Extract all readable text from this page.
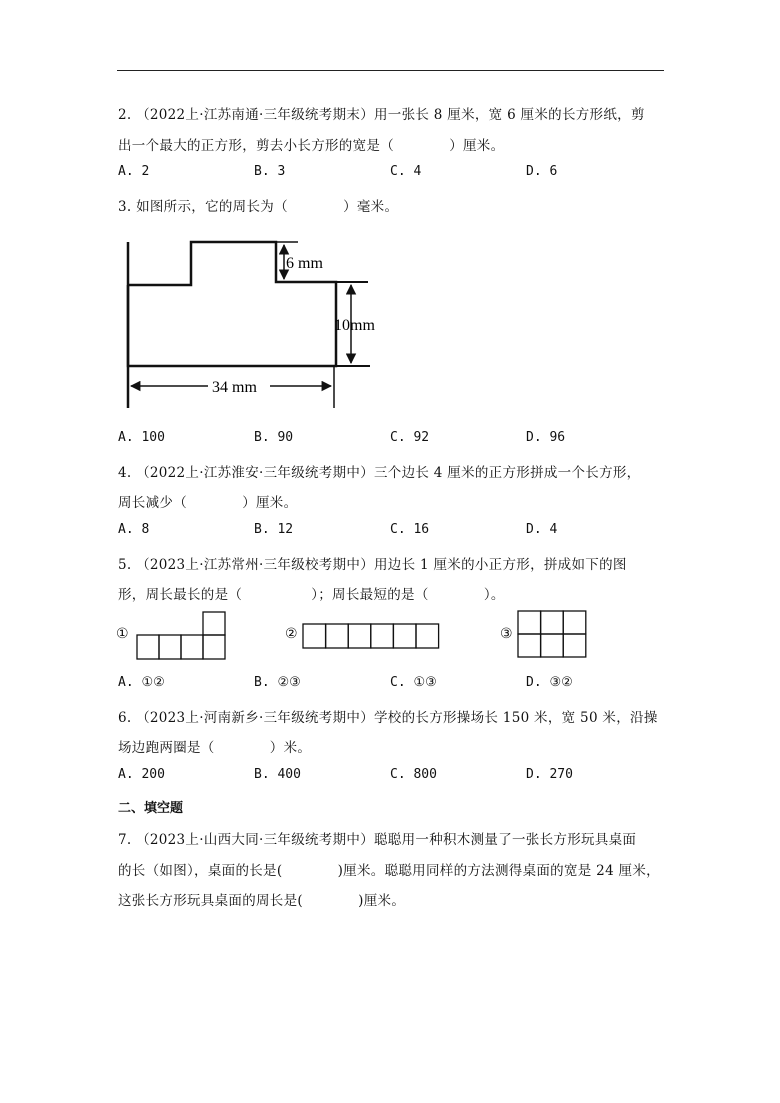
2. （2022上·江苏南通·三年级统考期末）用一张长 8 厘米，宽 6 厘米的长方形纸，剪
出一个最大的正方形，剪去小长方形的宽是（　　　　）厘米。
A. 2	B. 3	C. 4	D. 6
3. 如图所示，它的周长为（　　　　）毫米。
6 mm
10mm
34 mm
A. 100	B. 90	C. 92	D. 96
4. （2022上·江苏淮安·三年级统考期中）三个边长 4 厘米的正方形拼成一个长方形，
周长减少（　　　　）厘米。
A. 8	B. 12	C. 16	D. 4
5. （2023上·江苏常州·三年级校考期中）用边长 1 厘米的小正方形，拼成如下的图
形，周长最长的是（　　　　　）；周长最短的是（　　　　）。
①	②	③
A. ①②	B. ②③	C. ①③	D. ③②
6. （2023上·河南新乡·三年级统考期中）学校的长方形操场长 150 米，宽 50 米，沿操
场边跑两圈是（　　　　）米。
A. 200	B. 400	C. 800	D. 270
二、填空题
7. （2023上·山西大同·三年级统考期中）聪聪用一种积木测量了一张长方形玩具桌面
的长（如图），桌面的长是(　　　　)厘米。聪聪用同样的方法测得桌面的宽是 24 厘米，
这张长方形玩具桌面的周长是(　　　　)厘米。
